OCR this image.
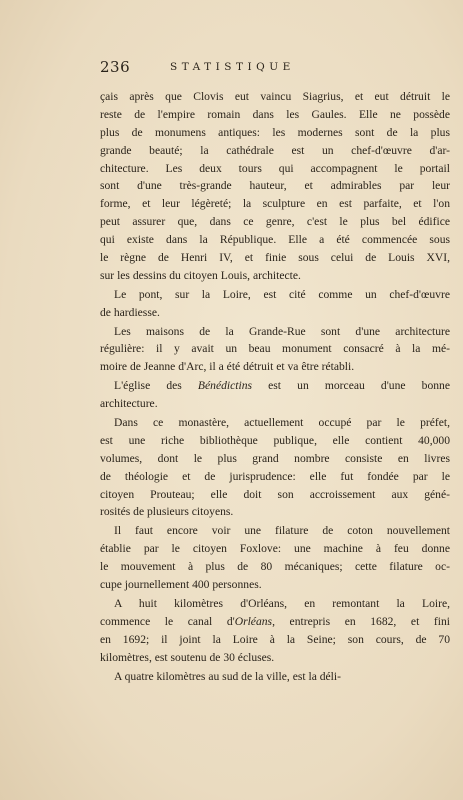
236	STATISTIQUE
çais après que Clovis eut vaincu Siagrius, et eut détruit le
reste de l'empire romain dans les Gaules. Elle ne possède
plus de monumens antiques: les modernes sont de la plus
grande beauté; la cathédrale est un chef-d'œuvre d'ar-
chitecture. Les deux tours qui accompagnent le portail
sont d'une très-grande hauteur, et admirables par leur
forme, et leur légèreté; la sculpture en est parfaite, et l'on
peut assurer que, dans ce genre, c'est le plus bel édifice
qui existe dans la République. Elle a été commencée sous
le règne de Henri IV, et finie sous celui de Louis XVI,
sur les dessins du citoyen Louis, architecte.
Le pont, sur la Loire, est cité comme un chef-d'œuvre
de hardiesse.
Les maisons de la Grande-Rue sont d'une architecture
régulière: il y avait un beau monument consacré à la mé-
moire de Jeanne d'Arc, il a été détruit et va être rétabli.
L'église des Bénédictins est un morceau d'une bonne
architecture.
Dans ce monastère, actuellement occupé par le préfet,
est une riche bibliothèque publique, elle contient 40,000
volumes, dont le plus grand nombre consiste en livres
de théologie et de jurisprudence: elle fut fondée par le
citoyen Prouteau; elle doit son accroissement aux géné-
rosités de plusieurs citoyens.
Il faut encore voir une filature de coton nouvellement
établie par le citoyen Foxlove: une machine à feu donne
le mouvement à plus de 80 mécaniques; cette filature oc-
cupe journellement 400 personnes.
A huit kilomètres d'Orléans, en remontant la Loire,
commence le canal d'Orléans, entrepris en 1682, et fini
en 1692; il joint la Loire à la Seine; son cours, de 70
kilomètres, est soutenu de 30 écluses.
A quatre kilomètres au sud de la ville, est la déli-
